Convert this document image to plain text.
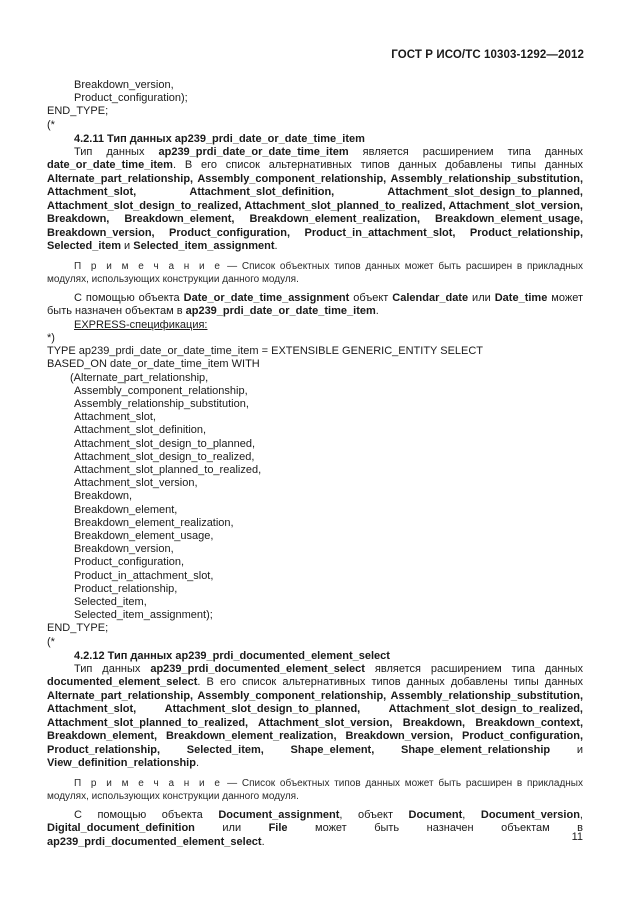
ГОСТ Р ИСО/ТС 10303-1292—2012

Breakdown_version,

Product_configuration);

END_TYPE;

(*

4.2.11 Тип данных ap239_prdi_date_or_date_time_item

Тип данных ap239_prdi_date_or_date_time_item является расширением типа данных date_or_date_time_item. В его список альтернативных типов данных добавлены типы данных Alternate_part_relationship, Assembly_component_relationship, Assembly_relationship_substitution, Attachment_slot, Attachment_slot_definition, Attachment_slot_design_to_planned, Attachment_slot_design_to_realized, Attachment_slot_planned_to_realized, Attachment_slot_version, Breakdown, Breakdown_element, Breakdown_element_realization, Breakdown_element_usage, Breakdown_version, Product_configuration, Product_in_attachment_slot, Product_relationship, Selected_item и Selected_item_assignment.

П р и м е ч а н и е — Список объектных типов данных может быть расширен в прикладных модулях, использующих конструкции данного модуля.

С помощью объекта Date_or_date_time_assignment объект Calendar_date или Date_time может быть назначен объектам в ap239_prdi_date_or_date_time_item.

EXPRESS-спецификация:

*)

TYPE ap239_prdi_date_or_date_time_item = EXTENSIBLE GENERIC_ENTITY SELECT

BASED_ON date_or_date_time_item WITH

(Alternate_part_relationship,

Assembly_component_relationship,

Assembly_relationship_substitution,

Attachment_slot,

Attachment_slot_definition,

Attachment_slot_design_to_planned,

Attachment_slot_design_to_realized,

Attachment_slot_planned_to_realized,

Attachment_slot_version,

Breakdown,

Breakdown_element,

Breakdown_element_realization,

Breakdown_element_usage,

Breakdown_version,

Product_configuration,

Product_in_attachment_slot,

Product_relationship,

Selected_item,

Selected_item_assignment);

END_TYPE;

(*

4.2.12 Тип данных ap239_prdi_documented_element_select

Тип данных ap239_prdi_documented_element_select является расширением типа данных documented_element_select. В его список альтернативных типов данных добавлены типы данных Alternate_part_relationship, Assembly_component_relationship, Assembly_relationship_substitution, Attachment_slot, Attachment_slot_design_to_planned, Attachment_slot_design_to_realized, Attachment_slot_planned_to_realized, Attachment_slot_version, Breakdown, Breakdown_context, Breakdown_element, Breakdown_element_realization, Breakdown_version, Product_configuration, Product_relationship, Selected_item, Shape_element, Shape_element_relationship и View_definition_relationship.

П р и м е ч а н и е — Список объектных типов данных может быть расширен в прикладных модулях, использующих конструкции данного модуля.

С помощью объекта Document_assignment, объект Document, Document_version, Digital_document_definition или File может быть назначен объектам в ap239_prdi_documented_element_select.	11
